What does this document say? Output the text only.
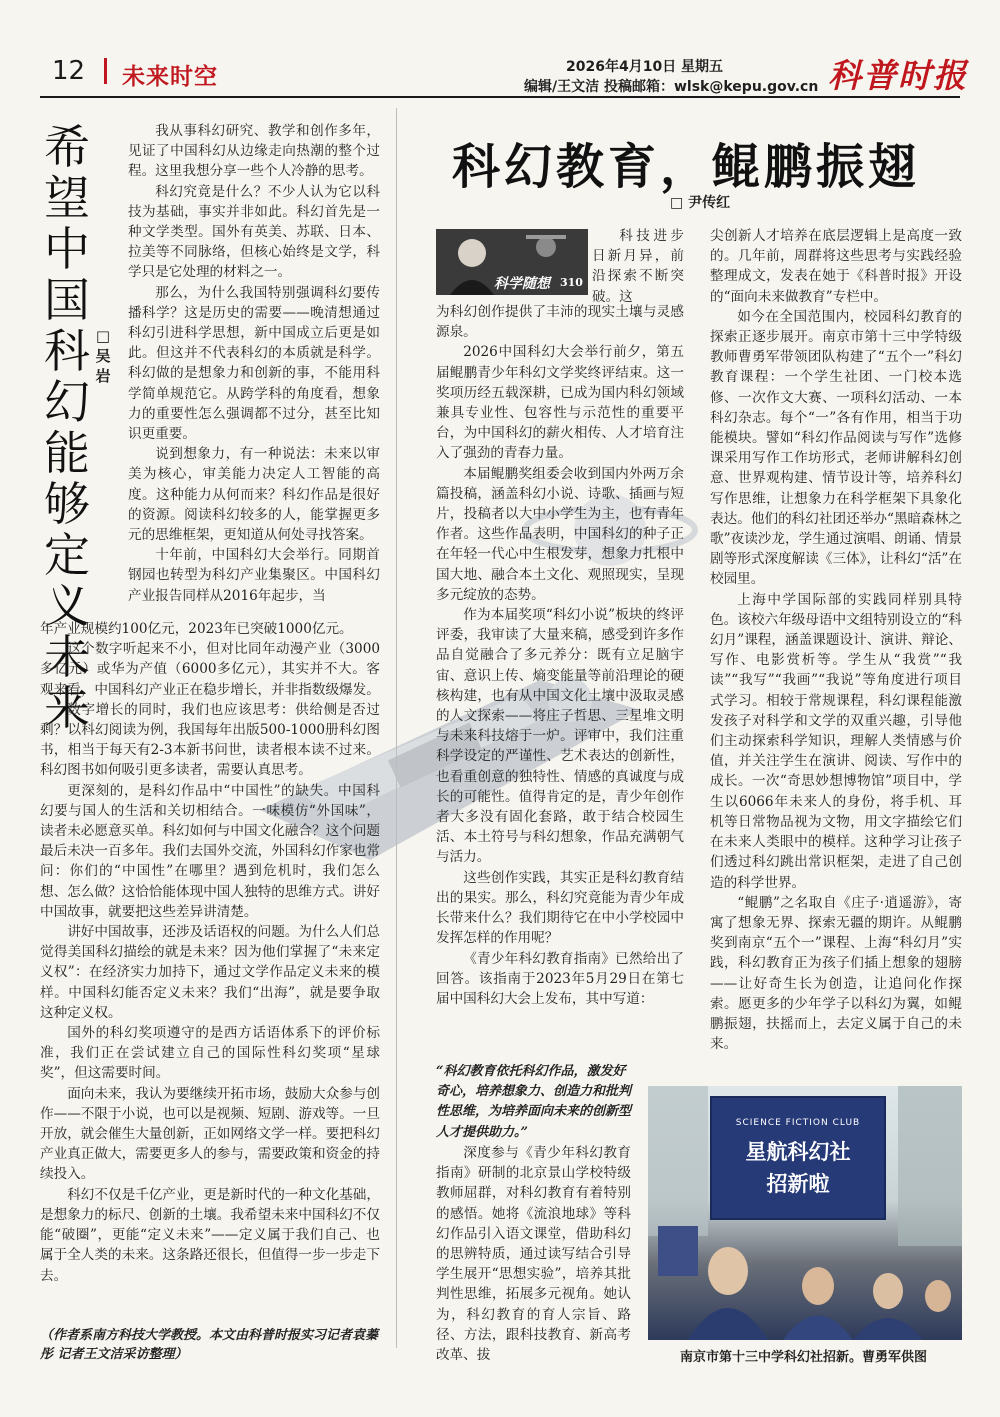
12 未来时空	2026年4月10日 星期五
编辑/王文洁 投稿邮箱：wlsk@kepu.gov.cn 科普时报
希望中国科幻能够定义未来
□吴岩

我从事科幻研究、教学和创作多年，见证了中国科幻从边缘走向热潮的整个过程。这里我想分享一些个人冷静的思考。

科幻究竟是什么？不少人认为它以科技为基础，事实并非如此。科幻首先是一种文学类型。国外有英美、苏联、日本、拉美等不同脉络，但核心始终是文学，科学只是它处理的材料之一。

那么，为什么我国特别强调科幻要传播科学？这是历史的需要——晚清想通过科幻引进科学思想，新中国成立后更是如此。但这并不代表科幻的本质就是科学。科幻做的是想象力和创新的事，不能用科学简单规范它。从跨学科的角度看，想象力的重要性怎么强调都不过分，甚至比知识更重要。

说到想象力，有一种说法：未来以审美为核心，审美能力决定人工智能的高度。这种能力从何而来？科幻作品是很好的资源。阅读科幻较多的人，能掌握更多元的思维框架，更知道从何处寻找答案。

十年前，中国科幻大会举行。同期首钢园也转型为科幻产业集聚区。中国科幻产业报告同样从2016年起步，当

年产业规模约100亿元，2023年已突破1000亿元。

这个数字听起来不小，但对比同年动漫产业（3000多亿元）或华为产值（6000多亿元），其实并不大。客观来看，中国科幻产业正在稳步增长，并非指数级爆发。

数字增长的同时，我们也应该思考：供给侧是否过剩？以科幻阅读为例，我国每年出版500-1000册科幻图书，相当于每天有2-3本新书问世，读者根本读不过来。科幻图书如何吸引更多读者，需要认真思考。

更深刻的，是科幻作品中“中国性”的缺失。中国科幻要与国人的生活和关切相结合。一味模仿“外国味”，读者未必愿意买单。科幻如何与中国文化融合？这个问题最后未决一百多年。我们去国外交流，外国科幻作家也常问：你们的“中国性”在哪里？遇到危机时，我们怎么想、怎么做？这恰恰能体现中国人独特的思维方式。讲好中国故事，就要把这些差异讲清楚。

讲好中国故事，还涉及话语权的问题。为什么人们总觉得美国科幻描绘的就是未来？因为他们掌握了“未来定义权”：在经济实力加持下，通过文学作品定义未来的模样。中国科幻能否定义未来？我们“出海”，就是要争取这种定义权。

国外的科幻奖项遵守的是西方话语体系下的评价标准，我们正在尝试建立自己的国际性科幻奖项“星球奖”，但这需要时间。

面向未来，我认为要继续开拓市场，鼓励大众参与创作——不限于小说，也可以是视频、短剧、游戏等。一旦开放，就会催生大量创新，正如网络文学一样。要把科幻产业真正做大，需要更多人的参与，需要政策和资金的持续投入。

科幻不仅是千亿产业，更是新时代的一种文化基础，是想象力的标尺、创新的土壤。我希望未来中国科幻不仅能“破圈”，更能“定义未来”——定义属于我们自己、也属于全人类的未来。这条路还很长，但值得一步一步走下去。

（作者系南方科技大学教授。本文由科普时报实习记者袁蓁彤 记者王文洁采访整理）
科幻教育，鲲鹏振翅
□ 尹传红
科学随想 310

科技进步日新月异，前沿探索不断突破。这

为科幻创作提供了丰沛的现实土壤与灵感源泉。

2026中国科幻大会举行前夕，第五届鲲鹏青少年科幻文学奖终评结束。这一奖项历经五载深耕，已成为国内科幻领域兼具专业性、包容性与示范性的重要平台，为中国科幻的薪火相传、人才培育注入了强劲的青春力量。

本届鲲鹏奖组委会收到国内外两万余篇投稿，涵盖科幻小说、诗歌、插画与短片，投稿者以大中小学生为主，也有青年作者。这些作品表明，中国科幻的种子正在年轻一代心中生根发芽，想象力扎根中国大地、融合本土文化、观照现实，呈现多元绽放的态势。

作为本届奖项“科幻小说”板块的终评评委，我审读了大量来稿，感受到许多作品自觉融合了多元养分：既有立足脑宇宙、意识上传、熵变能量等前沿理论的硬核构建，也有从中国文化土壤中汲取灵感的人文探索——将庄子哲思、三星堆文明与未来科技熔于一炉。评审中，我们注重科学设定的严谨性、艺术表达的创新性，也看重创意的独特性、情感的真诚度与成长的可能性。值得肯定的是，青少年创作者大多没有固化套路，敢于结合校园生活、本土符号与科幻想象，作品充满朝气与活力。

这些创作实践，其实正是科幻教育结出的果实。那么，科幻究竟能为青少年成长带来什么？我们期待它在中小学校园中发挥怎样的作用呢？

《青少年科幻教育指南》已然给出了回答。该指南于2023年5月29日在第七届中国科幻大会上发布，其中写道：

“科幻教育依托科幻作品，激发好奇心，培养想象力、创造力和批判性思维，为培养面向未来的创新型人才提供助力。”

深度参与《青少年科幻教育指南》研制的北京景山学校特级教师屈群，对科幻教育有着特别的感悟。她将《流浪地球》等科幻作品引入语文课堂，借助科幻的思辨特质，通过读写结合引导学生展开“思想实验”，培养其批判性思维，拓展多元视角。她认为，科幻教育的育人宗旨、路径、方法，跟科技教育、新高考改革、拔

尖创新人才培养在底层逻辑上是高度一致的。几年前，周群将这些思考与实践经验整理成文，发表在她于《科普时报》开设的“面向未来做教育”专栏中。

如今在全国范围内，校园科幻教育的探索正逐步展开。南京市第十三中学特级教师曹勇军带领团队构建了“五个一”科幻教育课程：一个学生社团、一门校本选修、一次作文大赛、一项科幻活动、一本科幻杂志。每个“一”各有作用，相当于功能模块。譬如“科幻作品阅读与写作”选修课采用写作工作坊形式，老师讲解科幻创意、世界观构建、情节设计等，培养科幻写作思维，让想象力在科学框架下具象化表达。他们的科幻社团还举办“黑暗森林之歌”夜读沙龙，学生通过演唱、朗诵、情景剧等形式深度解读《三体》，让科幻“活”在校园里。

上海中学国际部的实践同样别具特色。该校六年级母语中文组特别设立的“科幻月”课程，涵盖课题设计、演讲、辩论、写作、电影赏析等。学生从“我赏”“我读”“我写”“我画”“我说”等角度进行项目式学习。相较于常规课程，科幻课程能激发孩子对科学和文学的双重兴趣，引导他们主动探索科学知识，理解人类情感与价值，并关注学生在演讲、阅读、写作中的成长。一次“奇思妙想博物馆”项目中，学生以6066年未来人的身份，将手机、耳机等日常物品视为文物，用文字描绘它们在未来人类眼中的模样。这种学习让孩子们透过科幻跳出常识框架，走进了自己创造的科学世界。

“鲲鹏”之名取自《庄子·逍遥游》，寄寓了想象无界、探索无疆的期许。从鲲鹏奖到南京“五个一”课程、上海“科幻月”实践，科幻教育正为孩子们插上想象的翅膀——让好奇生长为创造，让追问化作探索。愿更多的少年学子以科幻为翼，如鲲鹏振翅，扶摇而上，去定义属于自己的未来。

SCIENCE FICTION CLUB
星航科幻社
招新啦
南京市第十三中学科幻社招新。曹勇军供图
